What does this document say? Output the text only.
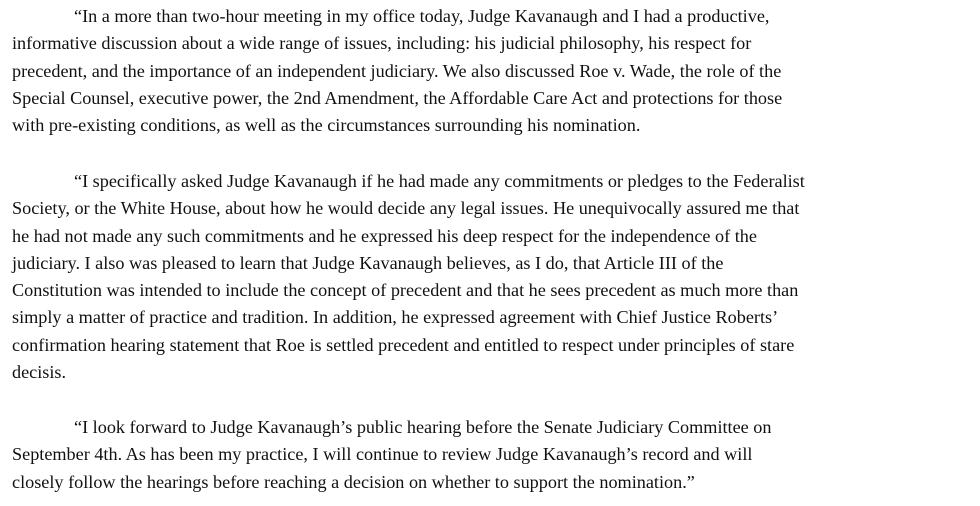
“In a more than two-hour meeting in my office today, Judge Kavanaugh and I had a productive,
informative discussion about a wide range of issues, including: his judicial philosophy, his respect for
precedent, and the importance of an independent judiciary. We also discussed Roe v. Wade, the role of the
Special Counsel, executive power, the 2nd Amendment, the Affordable Care Act and protections for those
with pre-existing conditions, as well as the circumstances surrounding his nomination.
“I specifically asked Judge Kavanaugh if he had made any commitments or pledges to the Federalist
Society, or the White House, about how he would decide any legal issues. He unequivocally assured me that
he had not made any such commitments and he expressed his deep respect for the independence of the
judiciary. I also was pleased to learn that Judge Kavanaugh believes, as I do, that Article III of the
Constitution was intended to include the concept of precedent and that he sees precedent as much more than
simply a matter of practice and tradition. In addition, he expressed agreement with Chief Justice Roberts’
confirmation hearing statement that Roe is settled precedent and entitled to respect under principles of stare
decisis.
“I look forward to Judge Kavanaugh’s public hearing before the Senate Judiciary Committee on
September 4th. As has been my practice, I will continue to review Judge Kavanaugh’s record and will
closely follow the hearings before reaching a decision on whether to support the nomination.”
